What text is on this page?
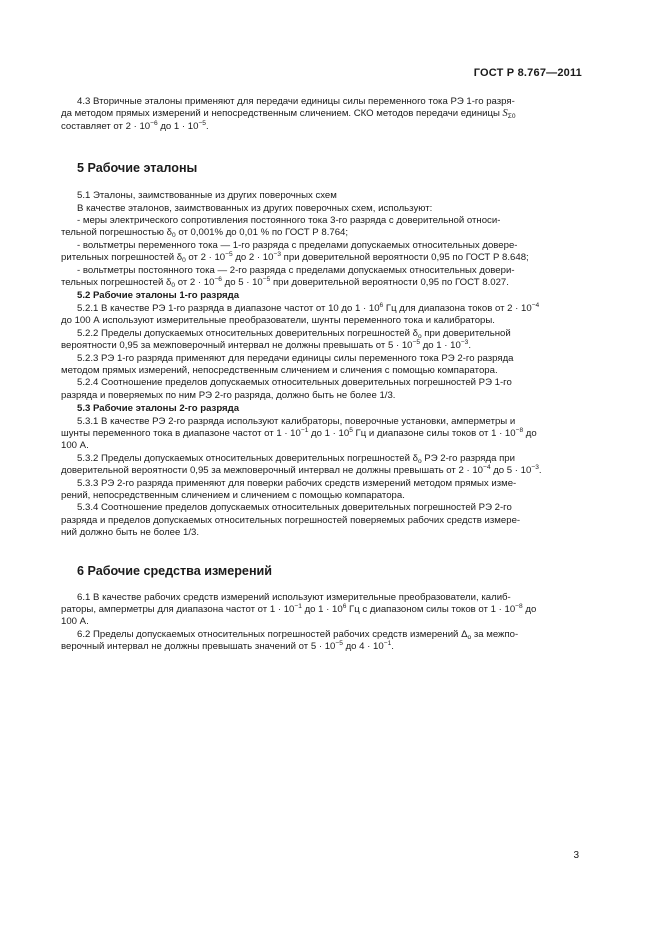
ГОСТ Р 8.767—2011

4.3 Вторичные эталоны применяют для передачи единицы силы переменного тока РЭ 1-го разря-
да методом прямых измерений и непосредственным сличением. СКО методов передачи единицы $S_{\Sigma 0}$
составляет от $2 \cdot 10^{-6}$ до $1 \cdot 10^{-5}$.

5 Рабочие эталоны

5.1 Эталоны, заимствованные из других поверочных схем

В качестве эталонов, заимствованных из других поверочных схем, используют:

- меры электрического сопротивления постоянного тока 3-го разряда с доверительной относи-
тельной погрешностью $\delta_0$ от 0,001% до 0,01 % по ГОСТ Р 8.764;

- вольтметры переменного тока — 1-го разряда с пределами допускаемых относительных довере-
рительных погрешностей $\delta_0$ от $2 \cdot 10^{-5}$ до $2 \cdot 10^{-3}$ при доверительной вероятности 0,95 по ГОСТ Р 8.648;

- вольтметры постоянного тока — 2-го разряда с пределами допускаемых относительных довери-
тельных погрешностей $\delta_0$ от $2 \cdot 10^{-6}$ до $5 \cdot 10^{-5}$ при доверительной вероятности 0,95 по ГОСТ 8.027.

5.2 Рабочие эталоны 1-го разряда

5.2.1 В качестве РЭ 1-го разряда в диапазоне частот от 10 до $1 \cdot 10^6$ Гц для диапазона токов от $2 \cdot 10^{-4}$
до 100 А используют измерительные преобразователи, шунты переменного тока и калибраторы.

5.2.2 Пределы допускаемых относительных доверительных погрешностей $\delta_о$ при доверительной
вероятности 0,95 за межповерочный интервал не должны превышать от $5 \cdot 10^{-5}$ до $1 \cdot 10^{-3}$.

5.2.3 РЭ 1-го разряда применяют для передачи единицы силы переменного тока РЭ 2-го разряда
методом прямых измерений, непосредственным сличением и сличения с помощью компаратора.

5.2.4 Соотношение пределов допускаемых относительных доверительных погрешностей РЭ 1-го
разряда и поверяемых по ним РЭ 2-го разряда, должно быть не более 1/3.

5.3 Рабочие эталоны 2-го разряда

5.3.1 В качестве РЭ 2-го разряда используют калибраторы, поверочные установки, амперметры и
шунты переменного тока в диапазоне частот от $1 \cdot 10^{-1}$ до $1 \cdot 10^5$ Гц и диапазоне силы токов от $1 \cdot 10^{-8}$ до
100 А.

5.3.2 Пределы допускаемых относительных доверительных погрешностей $\delta_о$ РЭ 2-го разряда при
доверительной вероятности 0,95 за межповерочный интервал не должны превышать от $2 \cdot 10^{-4}$ до $5 \cdot 10^{-3}$.

5.3.3 РЭ 2-го разряда применяют для поверки рабочих средств измерений методом прямых изме-
рений, непосредственным сличением и сличением с помощью компаратора.

5.3.4 Соотношение пределов допускаемых относительных доверительных погрешностей РЭ 2-го
разряда и пределов допускаемых относительных погрешностей поверяемых рабочих средств измере-
ний должно быть не более 1/3.

6 Рабочие средства измерений

6.1 В качестве рабочих средств измерений используют измерительные преобразователи, калиб-
раторы, амперметры для диапазона частот от $1 \cdot 10^{-1}$ до $1 \cdot 10^6$ Гц с диапазоном силы токов от $1 \cdot 10^{-8}$ до
100 А.

6.2 Пределы допускаемых относительных погрешностей рабочих средств измерений $\Delta_о$ за межпо-
верочный интервал не должны превышать значений от $5 \cdot 10^{-5}$ до $4 \cdot 10^{-1}$.

3
